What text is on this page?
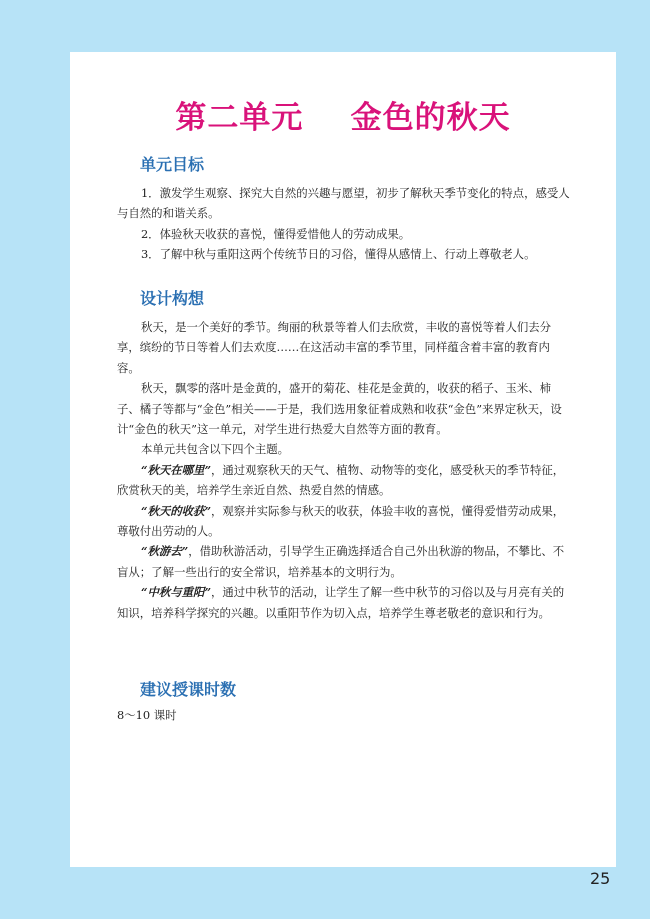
第二单元    金色的秋天
单元目标

1．激发学生观察、探究大自然的兴趣与愿望，初步了解秋天季节变化的特点，感受人与自然的和谐关系。

2．体验秋天收获的喜悦，懂得爱惜他人的劳动成果。

3．了解中秋与重阳这两个传统节日的习俗，懂得从感情上、行动上尊敬老人。

设计构想

秋天，是一个美好的季节。绚丽的秋景等着人们去欣赏，丰收的喜悦等着人们去分享，缤纷的节日等着人们去欢度……在这活动丰富的季节里，同样蕴含着丰富的教育内容。

秋天，飘零的落叶是金黄的，盛开的菊花、桂花是金黄的，收获的稻子、玉米、柿子、橘子等都与“金色”相关——于是，我们选用象征着成熟和收获“金色”来界定秋天，设计“金色的秋天”这一单元，对学生进行热爱大自然等方面的教育。

本单元共包含以下四个主题。

“秋天在哪里”，通过观察秋天的天气、植物、动物等的变化，感受秋天的季节特征，欣赏秋天的美，培养学生亲近自然、热爱自然的情感。

“秋天的收获”，观察并实际参与秋天的收获，体验丰收的喜悦，懂得爱惜劳动成果，尊敬付出劳动的人。

“秋游去”，借助秋游活动，引导学生正确选择适合自己外出秋游的物品，不攀比、不盲从；了解一些出行的安全常识，培养基本的文明行为。

“中秋与重阳”，通过中秋节的活动，让学生了解一些中秋节的习俗以及与月亮有关的知识，培养科学探究的兴趣。以重阳节作为切入点，培养学生尊老敬老的意识和行为。

建议授课时数
8～10 课时
25
